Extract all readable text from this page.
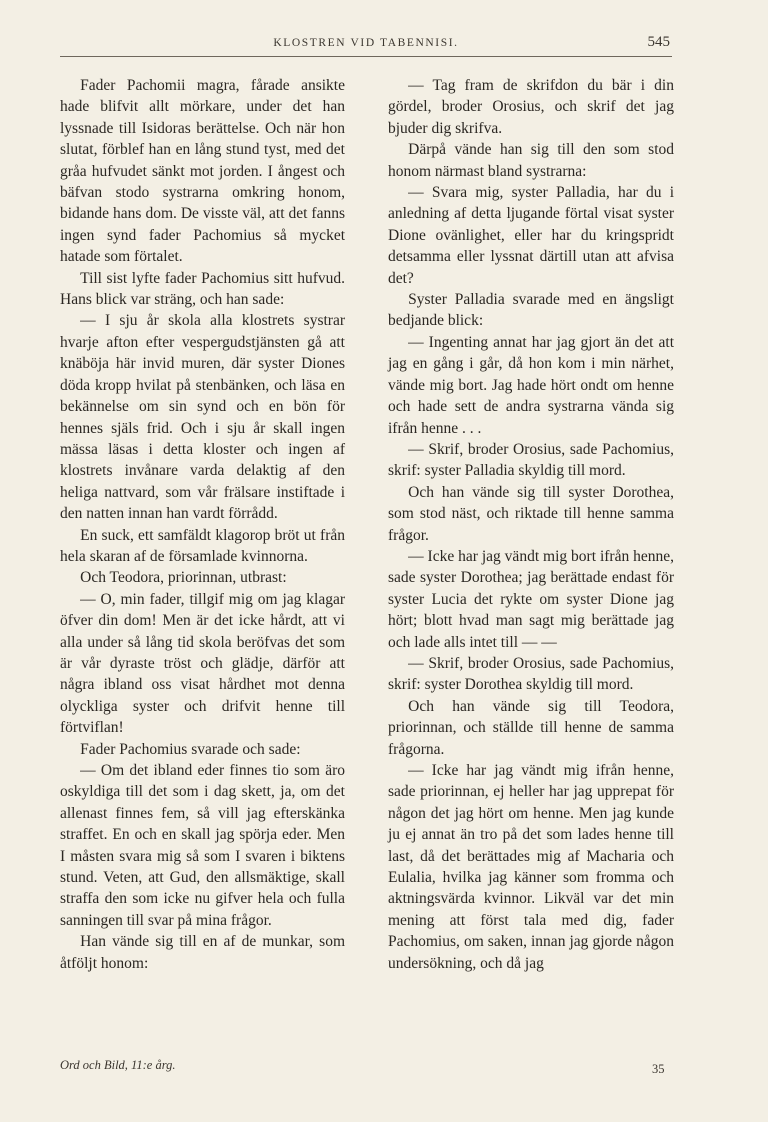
KLOSTREN VID TABENNISI.	545

Fader Pachomii magra, fårade ansikte hade blifvit allt mörkare, under det han lyssnade till Isidoras berättelse. Och när hon slutat, förblef han en lång stund tyst, med det gråa hufvudet sänkt mot jorden. I ångest och bäfvan stodo systrarna omkring honom, bidande hans dom. De visste väl, att det fanns ingen synd fader Pachomius så mycket hatade som förtalet.

Till sist lyfte fader Pachomius sitt hufvud. Hans blick var sträng, och han sade:

— I sju år skola alla klostrets systrar hvarje afton efter vespergudstjänsten gå att knäböja här invid muren, där syster Diones döda kropp hvilat på stenbänken, och läsa en bekännelse om sin synd och en bön för hennes själs frid. Och i sju år skall ingen mässa läsas i detta kloster och ingen af klostrets invånare varda delaktig af den heliga nattvard, som vår frälsare instiftade i den natten innan han vardt förrådd.

En suck, ett samfäldt klagorop bröt ut från hela skaran af de församlade kvinnorna.

Och Teodora, priorinnan, utbrast:

— O, min fader, tillgif mig om jag klagar öfver din dom! Men är det icke hårdt, att vi alla under så lång tid skola beröfvas det som är vår dyraste tröst och glädje, därför att några ibland oss visat hårdhet mot denna olyckliga syster och drifvit henne till förtviflan!

Fader Pachomius svarade och sade:

— Om det ibland eder finnes tio som äro oskyldiga till det som i dag skett, ja, om det allenast finnes fem, så vill jag efterskänka straffet. En och en skall jag spörja eder. Men I måsten svara mig så som I svaren i biktens stund. Veten, att Gud, den allsmäktige, skall straffa den som icke nu gifver hela och fulla sanningen till svar på mina frågor.

Han vände sig till en af de munkar, som åtföljt honom:

— Tag fram de skrifdon du bär i din gördel, broder Orosius, och skrif det jag bjuder dig skrifva.

Därpå vände han sig till den som stod honom närmast bland systrarna:

— Svara mig, syster Palladia, har du i anledning af detta ljugande förtal visat syster Dione ovänlighet, eller har du kringspridt detsamma eller lyssnat därtill utan att afvisa det?

Syster Palladia svarade med en ängsligt bedjande blick:

— Ingenting annat har jag gjort än det att jag en gång i går, då hon kom i min närhet, vände mig bort. Jag hade hört ondt om henne och hade sett de andra systrarna vända sig ifrån henne . . .

— Skrif, broder Orosius, sade Pachomius, skrif: syster Palladia skyldig till mord.

Och han vände sig till syster Dorothea, som stod näst, och riktade till henne samma frågor.

— Icke har jag vändt mig bort ifrån henne, sade syster Dorothea; jag berättade endast för syster Lucia det rykte om syster Dione jag hört; blott hvad man sagt mig berättade jag och lade alls intet till — —

— Skrif, broder Orosius, sade Pachomius, skrif: syster Dorothea skyldig till mord.

Och han vände sig till Teodora, priorinnan, och ställde till henne de samma frågorna.

— Icke har jag vändt mig ifrån henne, sade priorinnan, ej heller har jag upprepat för någon det jag hört om henne. Men jag kunde ju ej annat än tro på det som lades henne till last, då det berättades mig af Macharia och Eulalia, hvilka jag känner som fromma och aktningsvärda kvinnor. Likväl var det min mening att först tala med dig, fader Pachomius, om saken, innan jag gjorde någon undersökning, och då jag

Ord och Bild, 11:e årg.	35
